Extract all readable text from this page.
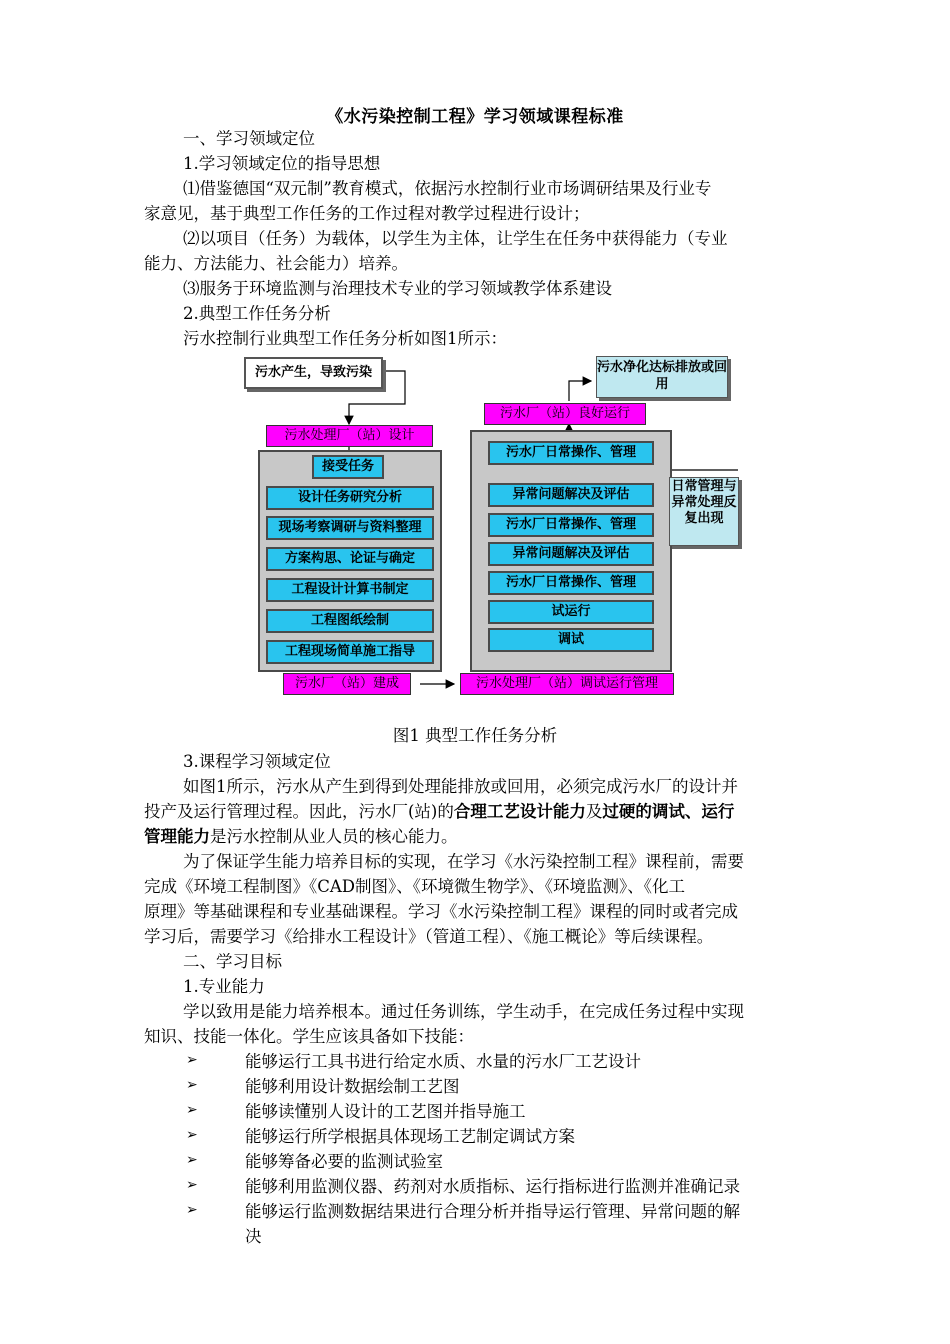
《水污染控制工程》学习领域课程标准
一、学习领域定位
1.学习领域定位的指导思想
⑴借鉴德国“双元制”教育模式，依据污水控制行业市场调研结果及行业专
家意见，基于典型工作任务的工作过程对教学过程进行设计；
⑵以项目（任务）为载体，以学生为主体，让学生在任务中获得能力（专业
能力、方法能力、社会能力）培养。
⑶服务于环境监测与治理技术专业的学习领域教学体系建设
2.典型工作任务分析
污水控制行业典型工作任务分析如图1所示：
污水产生，导致污染
污水处理厂（站）设计
接受任务
设计任务研究分析
现场考察调研与资料整理
方案构思、论证与确定
工程设计计算书制定
工程图纸绘制
工程现场简单施工指导
污水厂（站）建成	污水处理厂（站）调试运行管理
污水净化达标排放或回用
污水厂（站）良好运行
污水厂日常操作、管理
异常问题解决及评估
污水厂日常操作、管理
异常问题解决及评估
污水厂日常操作、管理
试运行
调试
日常管理与异常处理反复出现
图1 典型工作任务分析
3.课程学习领域定位
如图1所示，污水从产生到得到处理能排放或回用，必须完成污水厂的设计并
投产及运行管理过程。因此，污水厂(站)的合理工艺设计能力及过硬的调试、运行
管理能力是污水控制从业人员的核心能力。
为了保证学生能力培养目标的实现，在学习《水污染控制工程》课程前，需要
完成《环境工程制图》《CAD制图》、《环境微生物学》、《环境监测》、《化工
原理》等基础课程和专业基础课程。学习《水污染控制工程》课程的同时或者完成
学习后，需要学习《给排水工程设计》（管道工程）、《施工概论》等后续课程。
二、学习目标
1.专业能力
学以致用是能力培养根本。通过任务训练，学生动手，在完成任务过程中实现
知识、技能一体化。学生应该具备如下技能：
➢	能够运行工具书进行给定水质、水量的污水厂工艺设计
➢	能够利用设计数据绘制工艺图
➢	能够读懂别人设计的工艺图并指导施工
➢	能够运行所学根据具体现场工艺制定调试方案
➢	能够筹备必要的监测试验室
➢	能够利用监测仪器、药剂对水质指标、运行指标进行监测并准确记录
➢	能够运行监测数据结果进行合理分析并指导运行管理、异常问题的解
决
